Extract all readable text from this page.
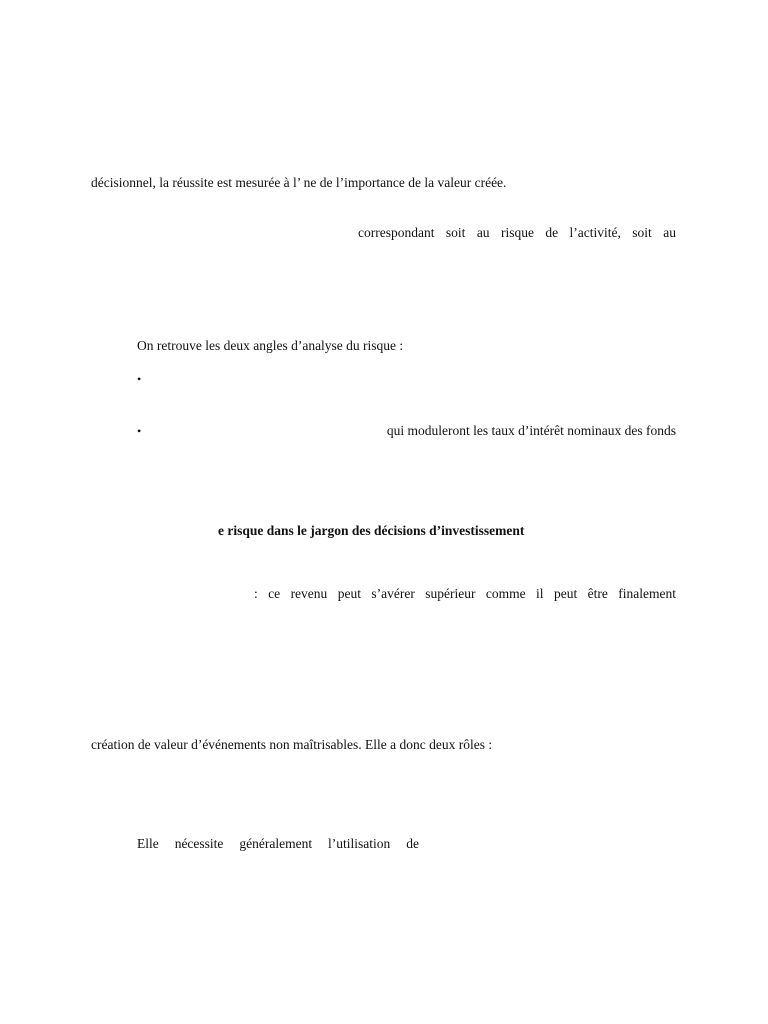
décisionnel, la réussite est mesurée à l’ ne de l’importance de la valeur créée.
correspondant soit au risque de l’activité, soit au
On retrouve les deux angles d’analyse du risque :
•
•	qui moduleront les taux d’intérêt nominaux des fonds
e risque dans le jargon des décisions d’investissement
: ce revenu peut s’avérer supérieur comme il peut être finalement
création de valeur d’événements non maîtrisables. Elle a donc deux rôles :
Elle nécessite généralement l’utilisation de
